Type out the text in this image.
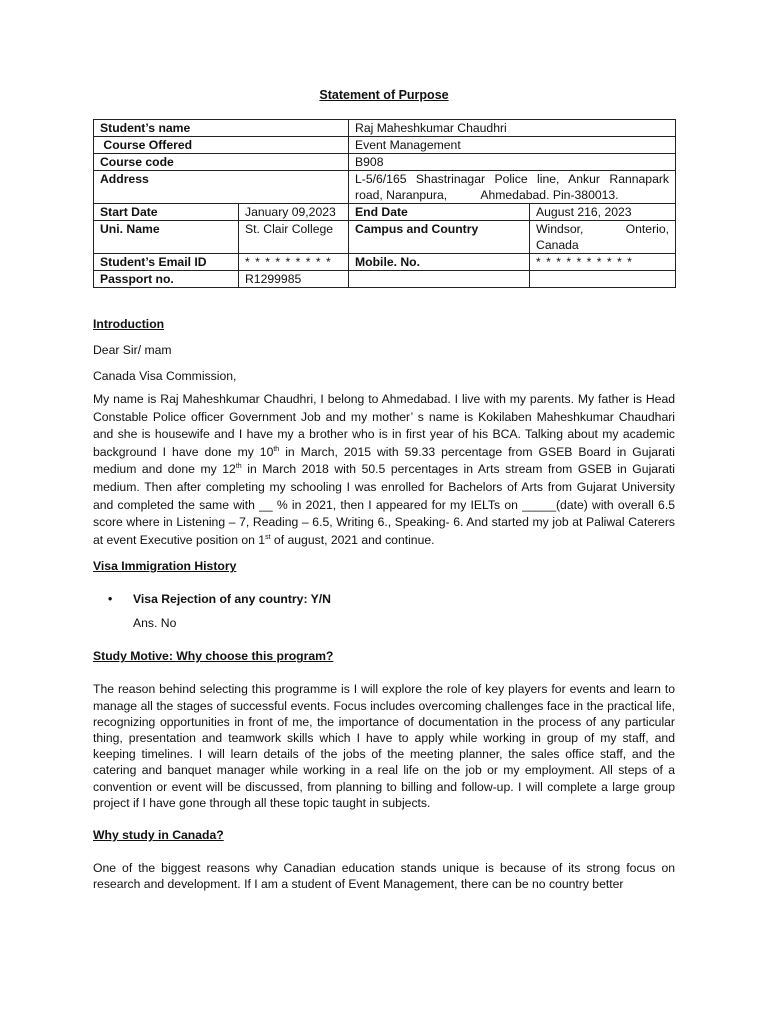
Statement of Purpose

Student’s name		Raj Maheshkumar Chaudhri	
Course Offered		Event Management	
Course code		B908	
Address		L-5/6/165 Shastrinagar Police line, Ankur Rannapark road, Naranpura,          Ahmedabad. Pin-380013.	
Start Date	January 09,2023	End Date	August 216, 2023
Uni. Name	St. Clair College	Campus and Country	Windsor,      Onterio, Canada
Student’s Email ID	* * * * * * * * *	Mobile. No.	* * * * * * * * * *
Passport no.	R1299985		

Introduction

Dear Sir/ mam

Canada Visa Commission,

My name is Raj Maheshkumar Chaudhri, I belong to Ahmedabad. I live with my parents. My father is Head Constable Police officer Government Job and my mother’ s name is Kokilaben Maheshkumar Chaudhari and she is housewife and I have my a brother who is in first year of his BCA. Talking about my academic background I have done my 10th in March, 2015 with 59.33 percentage from GSEB Board in Gujarati medium and done my 12th in March 2018 with 50.5 percentages in Arts stream from GSEB in Gujarati medium. Then after completing my schooling I was enrolled for Bachelors of Arts from Gujarat University and completed the same with __ % in 2021, then I appeared for my IELTs on _____(date) with overall 6.5 score where in Listening – 7, Reading – 6.5, Writing 6., Speaking- 6. And started my job at Paliwal Caterers at event Executive position on 1st of august, 2021 and continue.

Visa Immigration History

• Visa Rejection of any country: Y/N

Ans. No

Study Motive: Why choose this program?

The reason behind selecting this programme is I will explore the role of key players for events and learn to manage all the stages of successful events. Focus includes overcoming challenges face in the practical life, recognizing opportunities in front of me, the importance of documentation in the process of any particular thing, presentation and teamwork skills which I have to apply while working in group of my staff, and keeping timelines. I will learn details of the jobs of the meeting planner, the sales office staff, and the catering and banquet manager while working in a real life on the job or my employment. All steps of a convention or event will be discussed, from planning to billing and follow-up. I will complete a large group project if I have gone through all these topic taught in subjects.

Why study in Canada?

One of the biggest reasons why Canadian education stands unique is because of its strong focus on research and development. If I am a student of Event Management, there can be no country better
